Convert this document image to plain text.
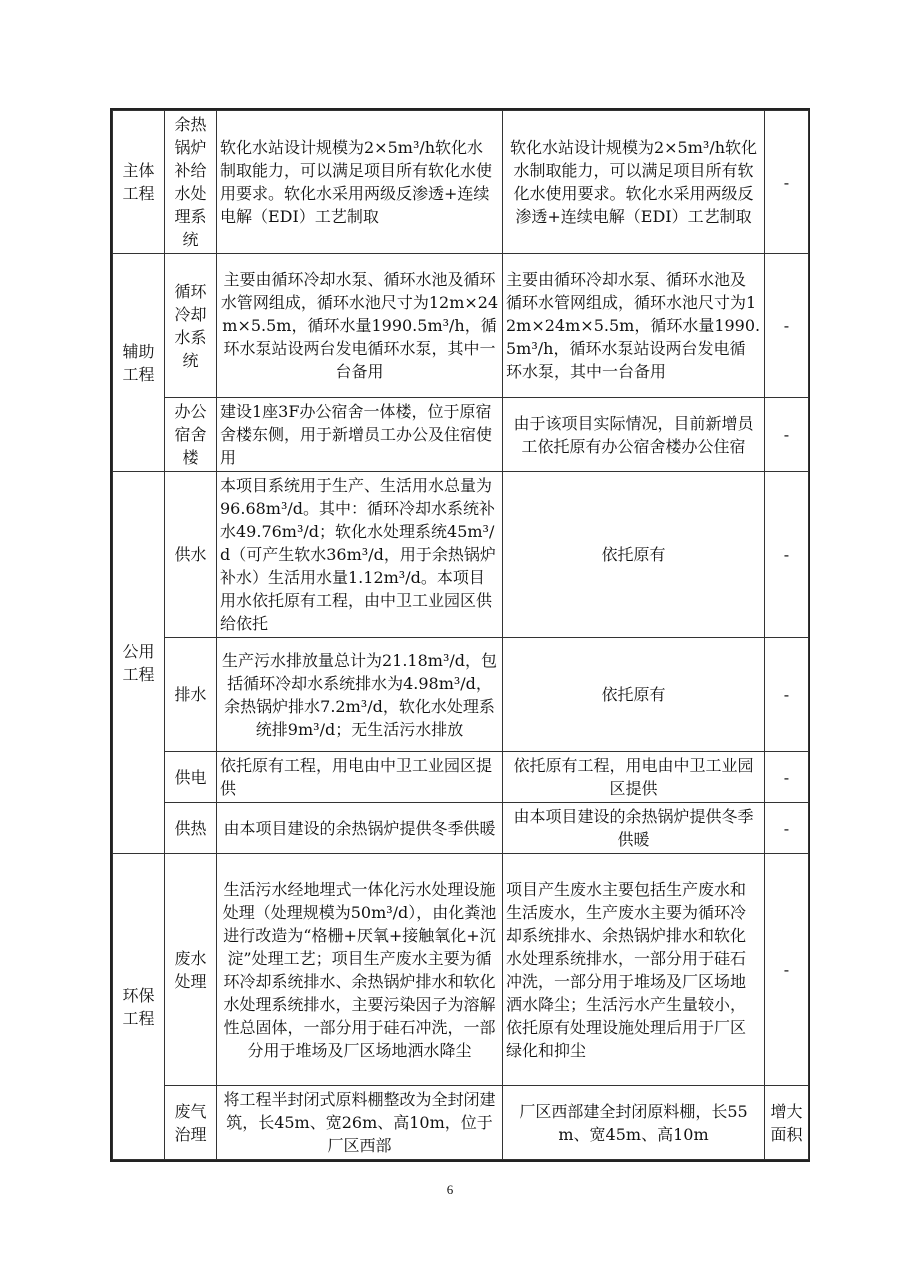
主体工程	余热锅炉补给水处理系统	软化水站设计规模为2×5m³/h软化水制取能力，可以满足项目所有软化水使用要求。软化水采用两级反渗透+连续电解（EDI）工艺制取	软化水站设计规模为2×5m³/h软化水制取能力，可以满足项目所有软化水使用要求。软化水采用两级反渗透+连续电解（EDI）工艺制取	-
辅助工程	循环冷却水系统	主要由循环冷却水泵、循环水池及循环水管网组成，循环水池尺寸为12m×24m×5.5m，循环水量1990.5m³/h，循环水泵站设两台发电循环水泵，其中一台备用	主要由循环冷却水泵、循环水池及循环水管网组成，循环水池尺寸为12m×24m×5.5m，循环水量1990.5m³/h，循环水泵站设两台发电循环水泵，其中一台备用	-
	办公宿舍楼	建设1座3F办公宿舍一体楼，位于原宿舍楼东侧，用于新增员工办公及住宿使用	由于该项目实际情况，目前新增员工依托原有办公宿舍楼办公住宿	-
公用工程	供水	本项目系统用于生产、生活用水总量为96.68m³/d。其中：循环冷却水系统补水49.76m³/d；软化水处理系统45m³/d（可产生软水36m³/d，用于余热锅炉补水）生活用水量1.12m³/d。本项目用水依托原有工程，由中卫工业园区供给依托	依托原有	-
	排水	生产污水排放量总计为21.18m³/d，包括循环冷却水系统排水为4.98m³/d，余热锅炉排水7.2m³/d，软化水处理系统排9m³/d；无生活污水排放	依托原有	-
	供电	依托原有工程，用电由中卫工业园区提供	依托原有工程，用电由中卫工业园区提供	-
	供热	由本项目建设的余热锅炉提供冬季供暖	由本项目建设的余热锅炉提供冬季供暖	-
环保工程	废水处理	生活污水经地埋式一体化污水处理设施处理（处理规模为50m³/d），由化粪池进行改造为“格栅+厌氧+接触氧化+沉淀”处理工艺；项目生产废水主要为循环冷却系统排水、余热锅炉排水和软化水处理系统排水，主要污染因子为溶解性总固体，一部分用于硅石冲洗，一部分用于堆场及厂区场地洒水降尘	项目产生废水主要包括生产废水和生活废水，生产废水主要为循环冷却系统排水、余热锅炉排水和软化水处理系统排水，一部分用于硅石冲洗，一部分用于堆场及厂区场地洒水降尘；生活污水产生量较小，依托原有处理设施处理后用于厂区绿化和抑尘	-
	废气治理	将工程半封闭式原料棚整改为全封闭建筑，长45m、宽26m、高10m，位于厂区西部	厂区西部建全封闭原料棚，长55m、宽45m、高10m	增大面积
6
